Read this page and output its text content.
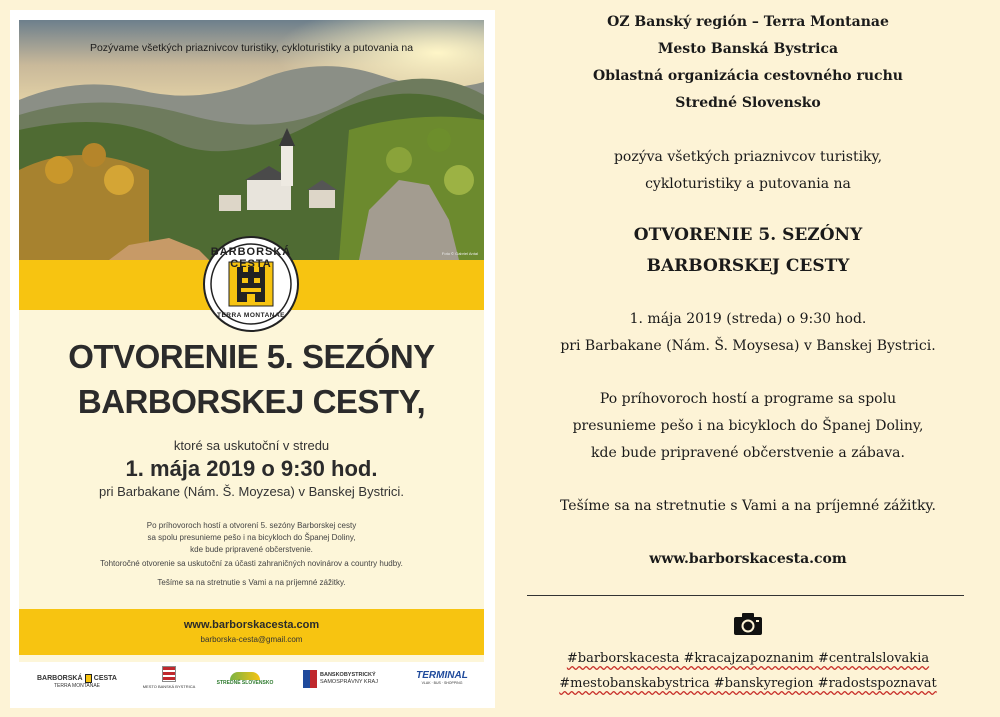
Pozývame všetkých priaznivcov turistiky, cykloturistiky a putovania na
Foto © Gabriel Antal
BARBORSKÁ CESTA
TERRA MONTANAE
OTVORENIE 5. SEZÓNY
BARBORSKEJ CESTY,
ktoré sa uskutoční v stredu
1. mája 2019 o 9:30 hod.
pri Barbakane (Nám. Š. Moyzesa) v Banskej Bystrici.
Po príhovoroch hostí a otvorení 5. sezóny Barborskej cesty
sa spolu presunieme pešo i na bicykloch do Španej Doliny,
kde bude pripravené občerstvenie.
Tohtoročné otvorenie sa uskutoční za účasti zahraničných novinárov a country hudby.
Tešíme sa na stretnutie s Vami a na príjemné zážitky.
www.barborskacesta.com
barborska-cesta@gmail.com
BARBORSKÁ CESTA
TERRA MONTANAE	MESTO BANSKÁ BYSTRICA
STREDNÉ SLOVENSKO
BANSKOBYSTRICKÝ
SAMOSPRÁVNY KRAJ
TERMINAL
VLAK · BUS · SHOPPING
OZ Banský región – Terra Montanae
Mesto Banská Bystrica
Oblastná organizácia cestovného ruchu
Stredné Slovensko
pozýva všetkých priaznivcov turistiky,
cykloturistiky a putovania na
OTVORENIE 5. SEZÓNY
BARBORSKEJ CESTY
1. mája 2019 (streda) o 9:30 hod.
pri Barbakane (Nám. Š. Moysesa) v Banskej Bystrici.
Po príhovoroch hostí a programe sa spolu
presunieme pešo i na bicykloch do Španej Doliny,
kde bude pripravené občerstvenie a zábava.
Tešíme sa na stretnutie s Vami a na príjemné zážitky.
www.barborskacesta.com
#barborskacesta #kracajzapoznanim #centralslovakia
#mestobanskabystrica #banskyregion #radostspoznavat
